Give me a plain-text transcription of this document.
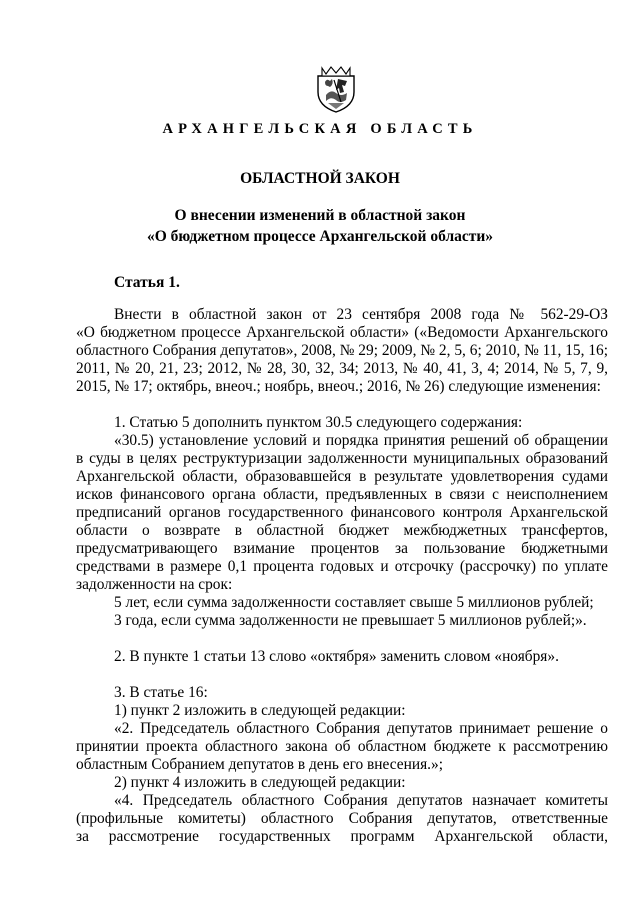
АРХАНГЕЛЬСКАЯ ОБЛАСТЬ
ОБЛАСТНОЙ ЗАКОН
О внесении изменений в областной закон
«О бюджетном процессе Архангельской области»
Статья 1.
Внести в областной закон от 23 сентября 2008 года № 562-29-ОЗ
«О бюджетном процессе Архангельской области» («Ведомости Архангельского
областного Собрания депутатов», 2008, № 29; 2009, № 2, 5, 6; 2010, № 11, 15, 16;
2011, № 20, 21, 23; 2012, № 28, 30, 32, 34; 2013, № 40, 41, 3, 4; 2014, № 5, 7, 9,
2015, № 17; октябрь, внеоч.; ноябрь, внеоч.; 2016, № 26) следующие изменения:
1. Статью 5 дополнить пунктом 30.5 следующего содержания:
«30.5) установление условий и порядка принятия решений об обращении
в суды в целях реструктуризации задолженности муниципальных образований
Архангельской области, образовавшейся в результате удовлетворения судами
исков финансового органа области, предъявленных в связи с неисполнением
предписаний органов государственного финансового контроля Архангельской
области о возврате в областной бюджет межбюджетных трансфертов,
предусматривающего взимание процентов за пользование бюджетными
средствами в размере 0,1 процента годовых и отсрочку (рассрочку) по уплате
задолженности на срок:
5 лет, если сумма задолженности составляет свыше 5 миллионов рублей;
3 года, если сумма задолженности не превышает 5 миллионов рублей;».
2. В пункте 1 статьи 13 слово «октября» заменить словом «ноября».
3. В статье 16:
1) пункт 2 изложить в следующей редакции:
«2. Председатель областного Собрания депутатов принимает решение о
принятии проекта областного закона об областном бюджете к рассмотрению
областным Собранием депутатов в день его внесения.»;
2) пункт 4 изложить в следующей редакции:
«4. Председатель областного Собрания депутатов назначает комитеты
(профильные комитеты) областного Собрания депутатов, ответственные
за рассмотрение государственных программ Архангельской области,
